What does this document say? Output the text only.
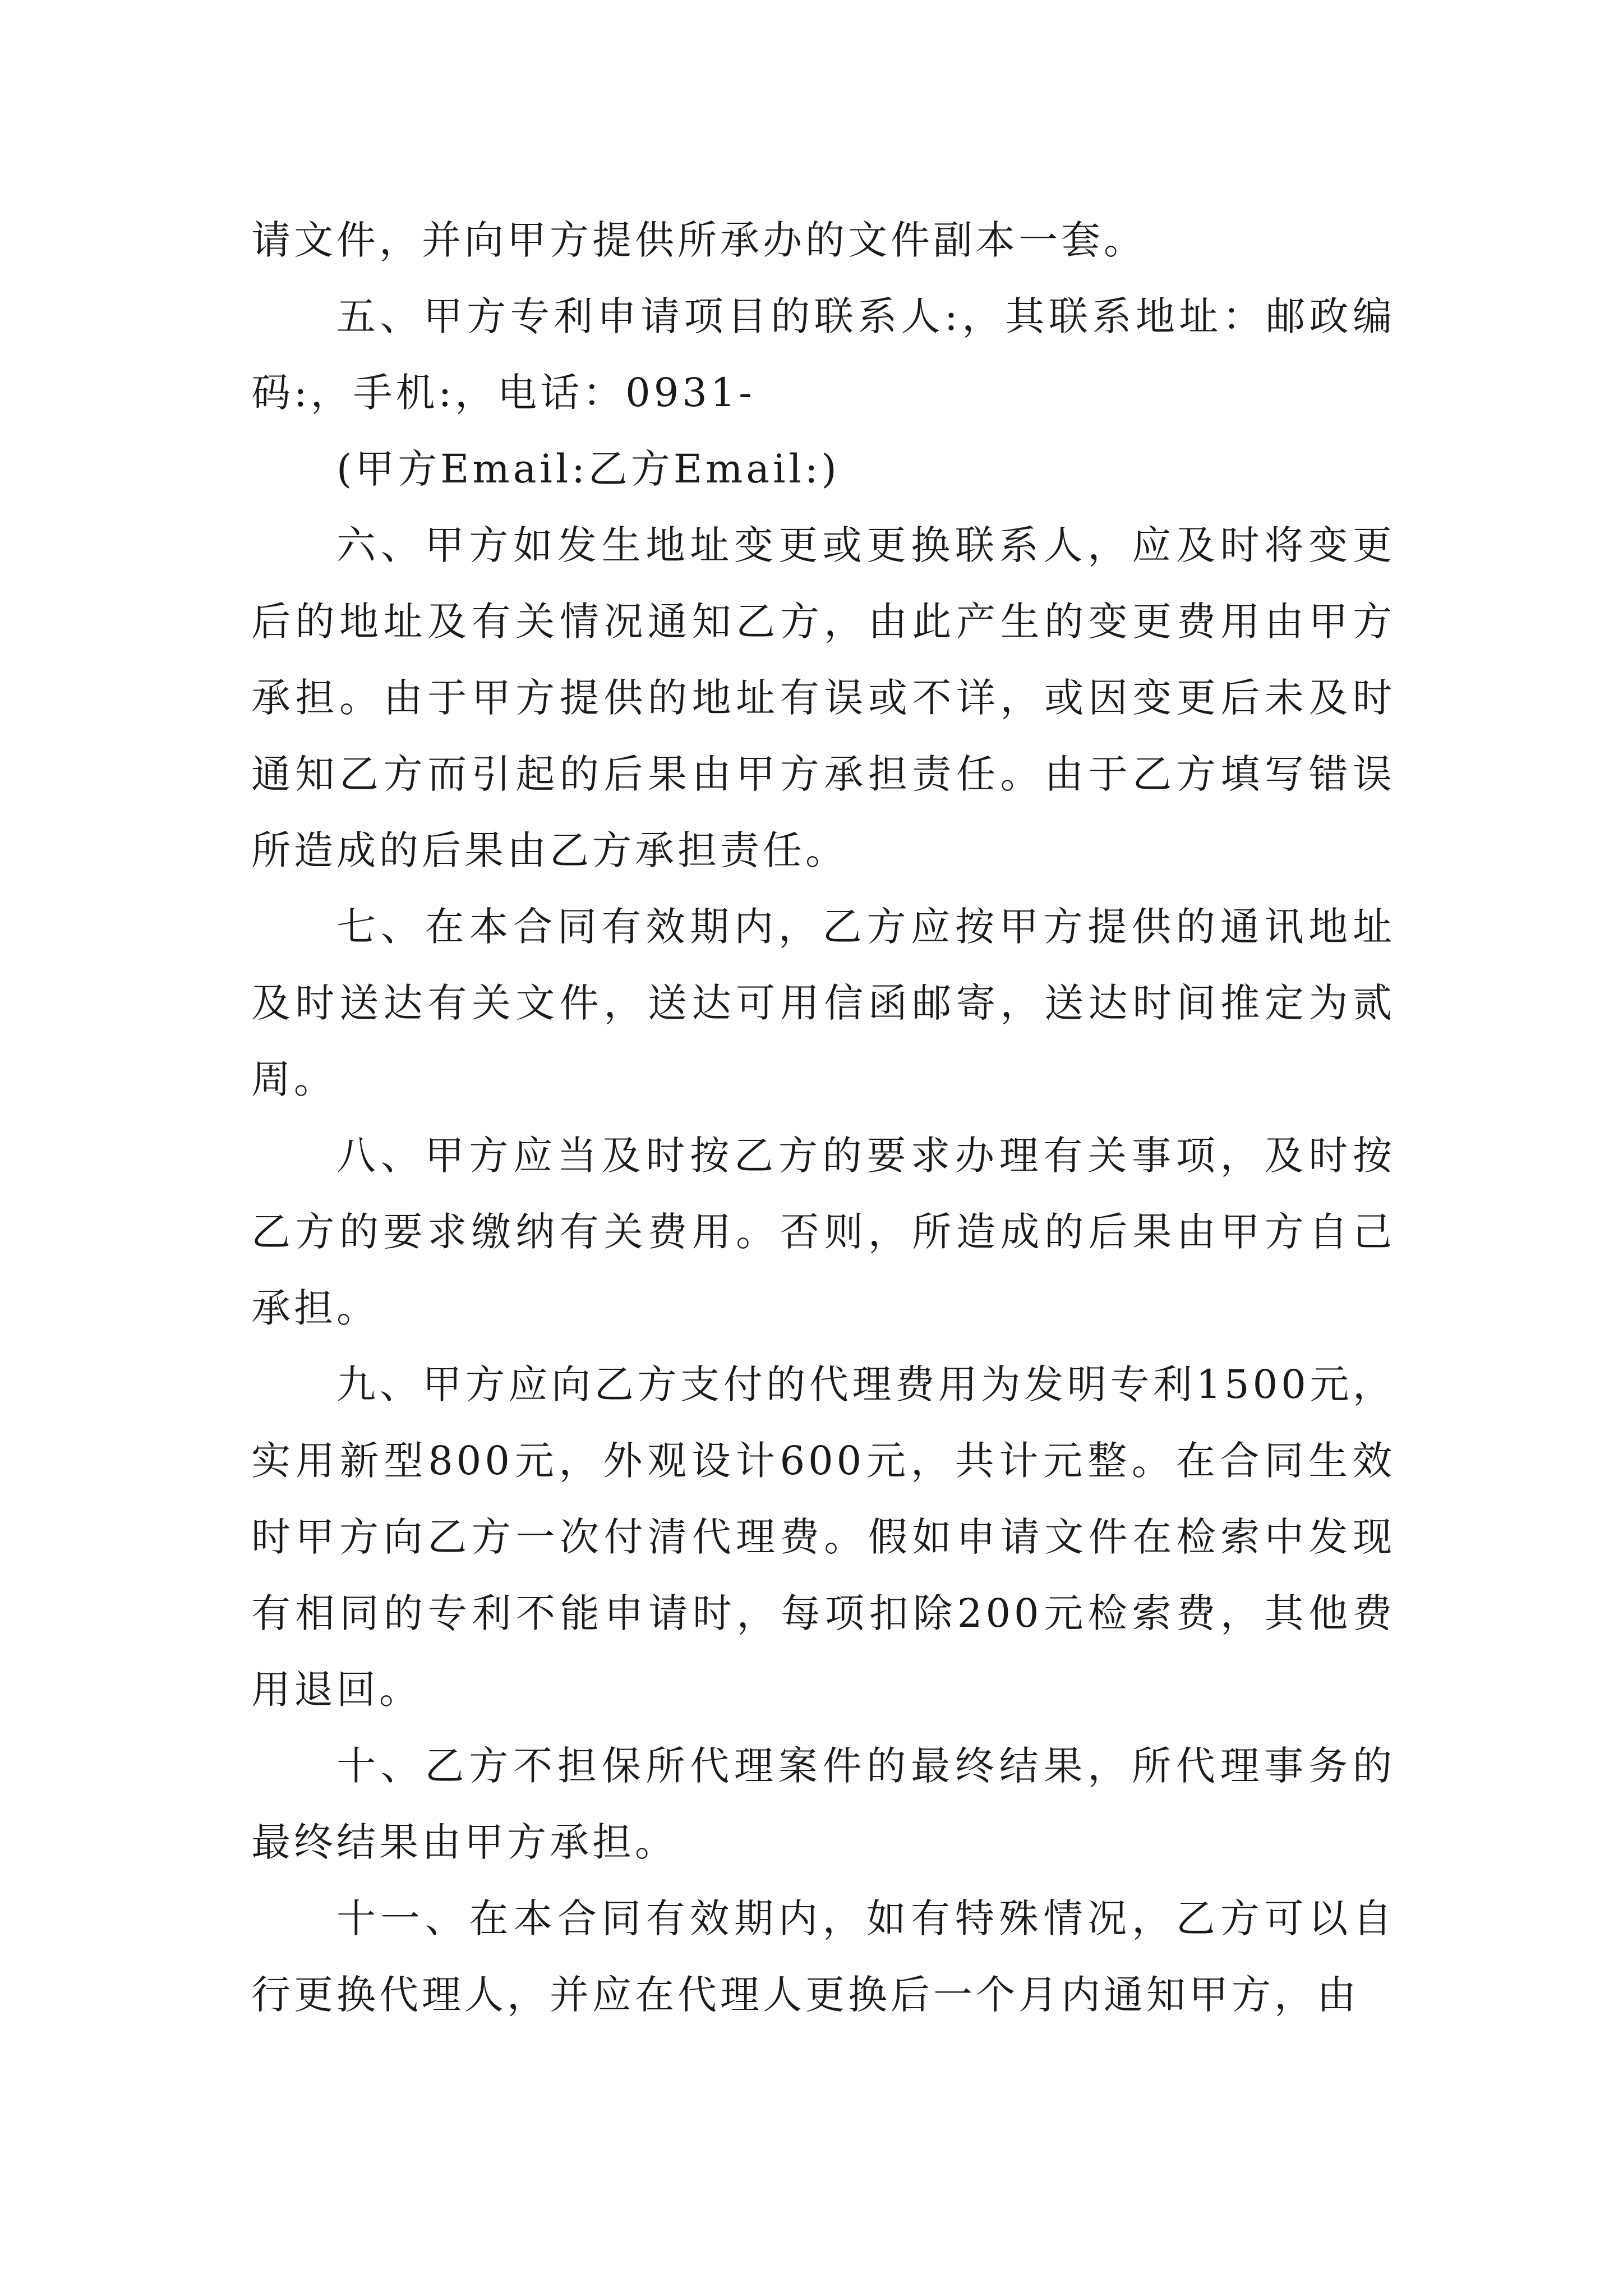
请文件，并向甲方提供所承办的文件副本一套。

五、甲方专利申请项目的联系人:，其联系地址：邮政编码:，手机:，电话：0931-

(甲方Email:乙方Email:)

六、甲方如发生地址变更或更换联系人，应及时将变更后的地址及有关情况通知乙方，由此产生的变更费用由甲方承担。由于甲方提供的地址有误或不详，或因变更后未及时通知乙方而引起的后果由甲方承担责任。由于乙方填写错误所造成的后果由乙方承担责任。

七、在本合同有效期内，乙方应按甲方提供的通讯地址及时送达有关文件，送达可用信函邮寄，送达时间推定为贰周。

八、甲方应当及时按乙方的要求办理有关事项，及时按乙方的要求缴纳有关费用。否则，所造成的后果由甲方自己承担。

九、甲方应向乙方支付的代理费用为发明专利1500元，实用新型800元，外观设计600元，共计元整。在合同生效时甲方向乙方一次付清代理费。假如申请文件在检索中发现有相同的专利不能申请时，每项扣除200元检索费，其他费用退回。

十、乙方不担保所代理案件的最终结果，所代理事务的最终结果由甲方承担。

十一、在本合同有效期内，如有特殊情况，乙方可以自行更换代理人，并应在代理人更换后一个月内通知甲方，由
